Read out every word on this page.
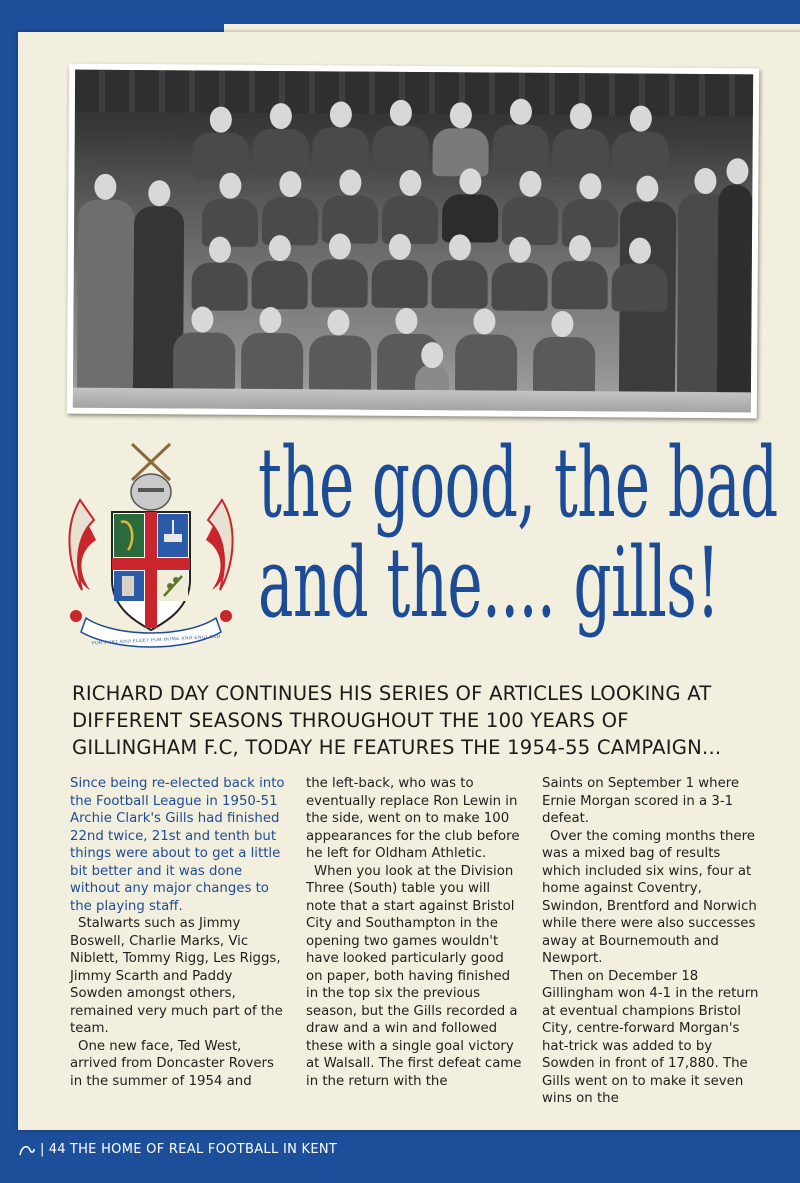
FOR PORT AND FLEET FOR HOME AND ENGLAND
the good, the bad
and the.... gills!
RICHARD DAY CONTINUES HIS SERIES OF ARTICLES LOOKING AT DIFFERENT SEASONS THROUGHOUT THE 100 YEARS OF GILLINGHAM F.C, TODAY HE FEATURES THE 1954-55 CAMPAIGN...

Since being re-elected back into the Football League in 1950-51 Archie Clark's Gills had finished 22nd twice, 21st and tenth but things were about to get a little bit better and it was done without any major changes to the playing staff.

Stalwarts such as Jimmy Boswell, Charlie Marks, Vic Niblett, Tommy Rigg, Les Riggs, Jimmy Scarth and Paddy Sowden amongst others, remained very much part of the team.

One new face, Ted West, arrived from Doncaster Rovers in the summer of 1954 and

the left-back, who was to eventually replace Ron Lewin in the side, went on to make 100 appearances for the club before he left for Oldham Athletic.

When you look at the Division Three (South) table you will note that a start against Bristol City and Southampton in the opening two games wouldn't have looked particularly good on paper, both having finished in the top six the previous season, but the Gills recorded a draw and a win and followed these with a single goal victory at Walsall. The first defeat came in the return with the

Saints on September 1 where Ernie Morgan scored in a 3-1 defeat.

Over the coming months there was a mixed bag of results which included six wins, four at home against Coventry, Swindon, Brentford and Norwich while there were also successes away at Bournemouth and Newport.

Then on December 18 Gillingham won 4-1 in the return at eventual champions Bristol City, centre-forward Morgan's hat-trick was added to by Sowden in front of 17,880. The Gills went on to make it seven wins on the

| 44 THE HOME OF REAL FOOTBALL IN KENT
